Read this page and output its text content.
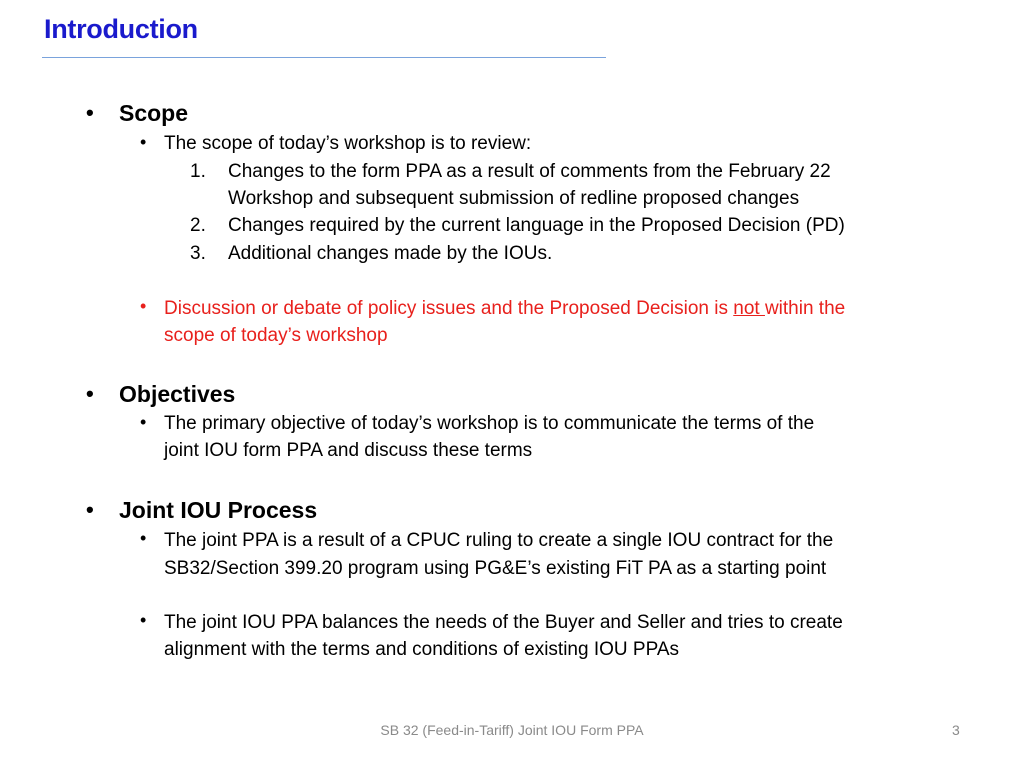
Introduction
• Scope
• The scope of today’s workshop is to review:
1. Changes to the form PPA as a result of comments from the February 22
Workshop and subsequent submission of redline proposed changes
2. Changes required by the current language in the Proposed Decision (PD)
3. Additional changes made by the IOUs.
• Discussion or debate of policy issues and the Proposed Decision is not within the
scope of today’s workshop
• Objectives
• The primary objective of today’s workshop is to communicate the terms of the
joint IOU form PPA and discuss these terms
• Joint IOU Process
• The joint PPA is a result of a CPUC ruling to create a single IOU contract for the
SB32/Section 399.20 program using PG&E’s existing FiT PA as a starting point
• The joint IOU PPA balances the needs of the Buyer and Seller and tries to create
alignment with the terms and conditions of existing IOU PPAs
SB 32 (Feed-in-Tariff) Joint IOU Form PPA	3
